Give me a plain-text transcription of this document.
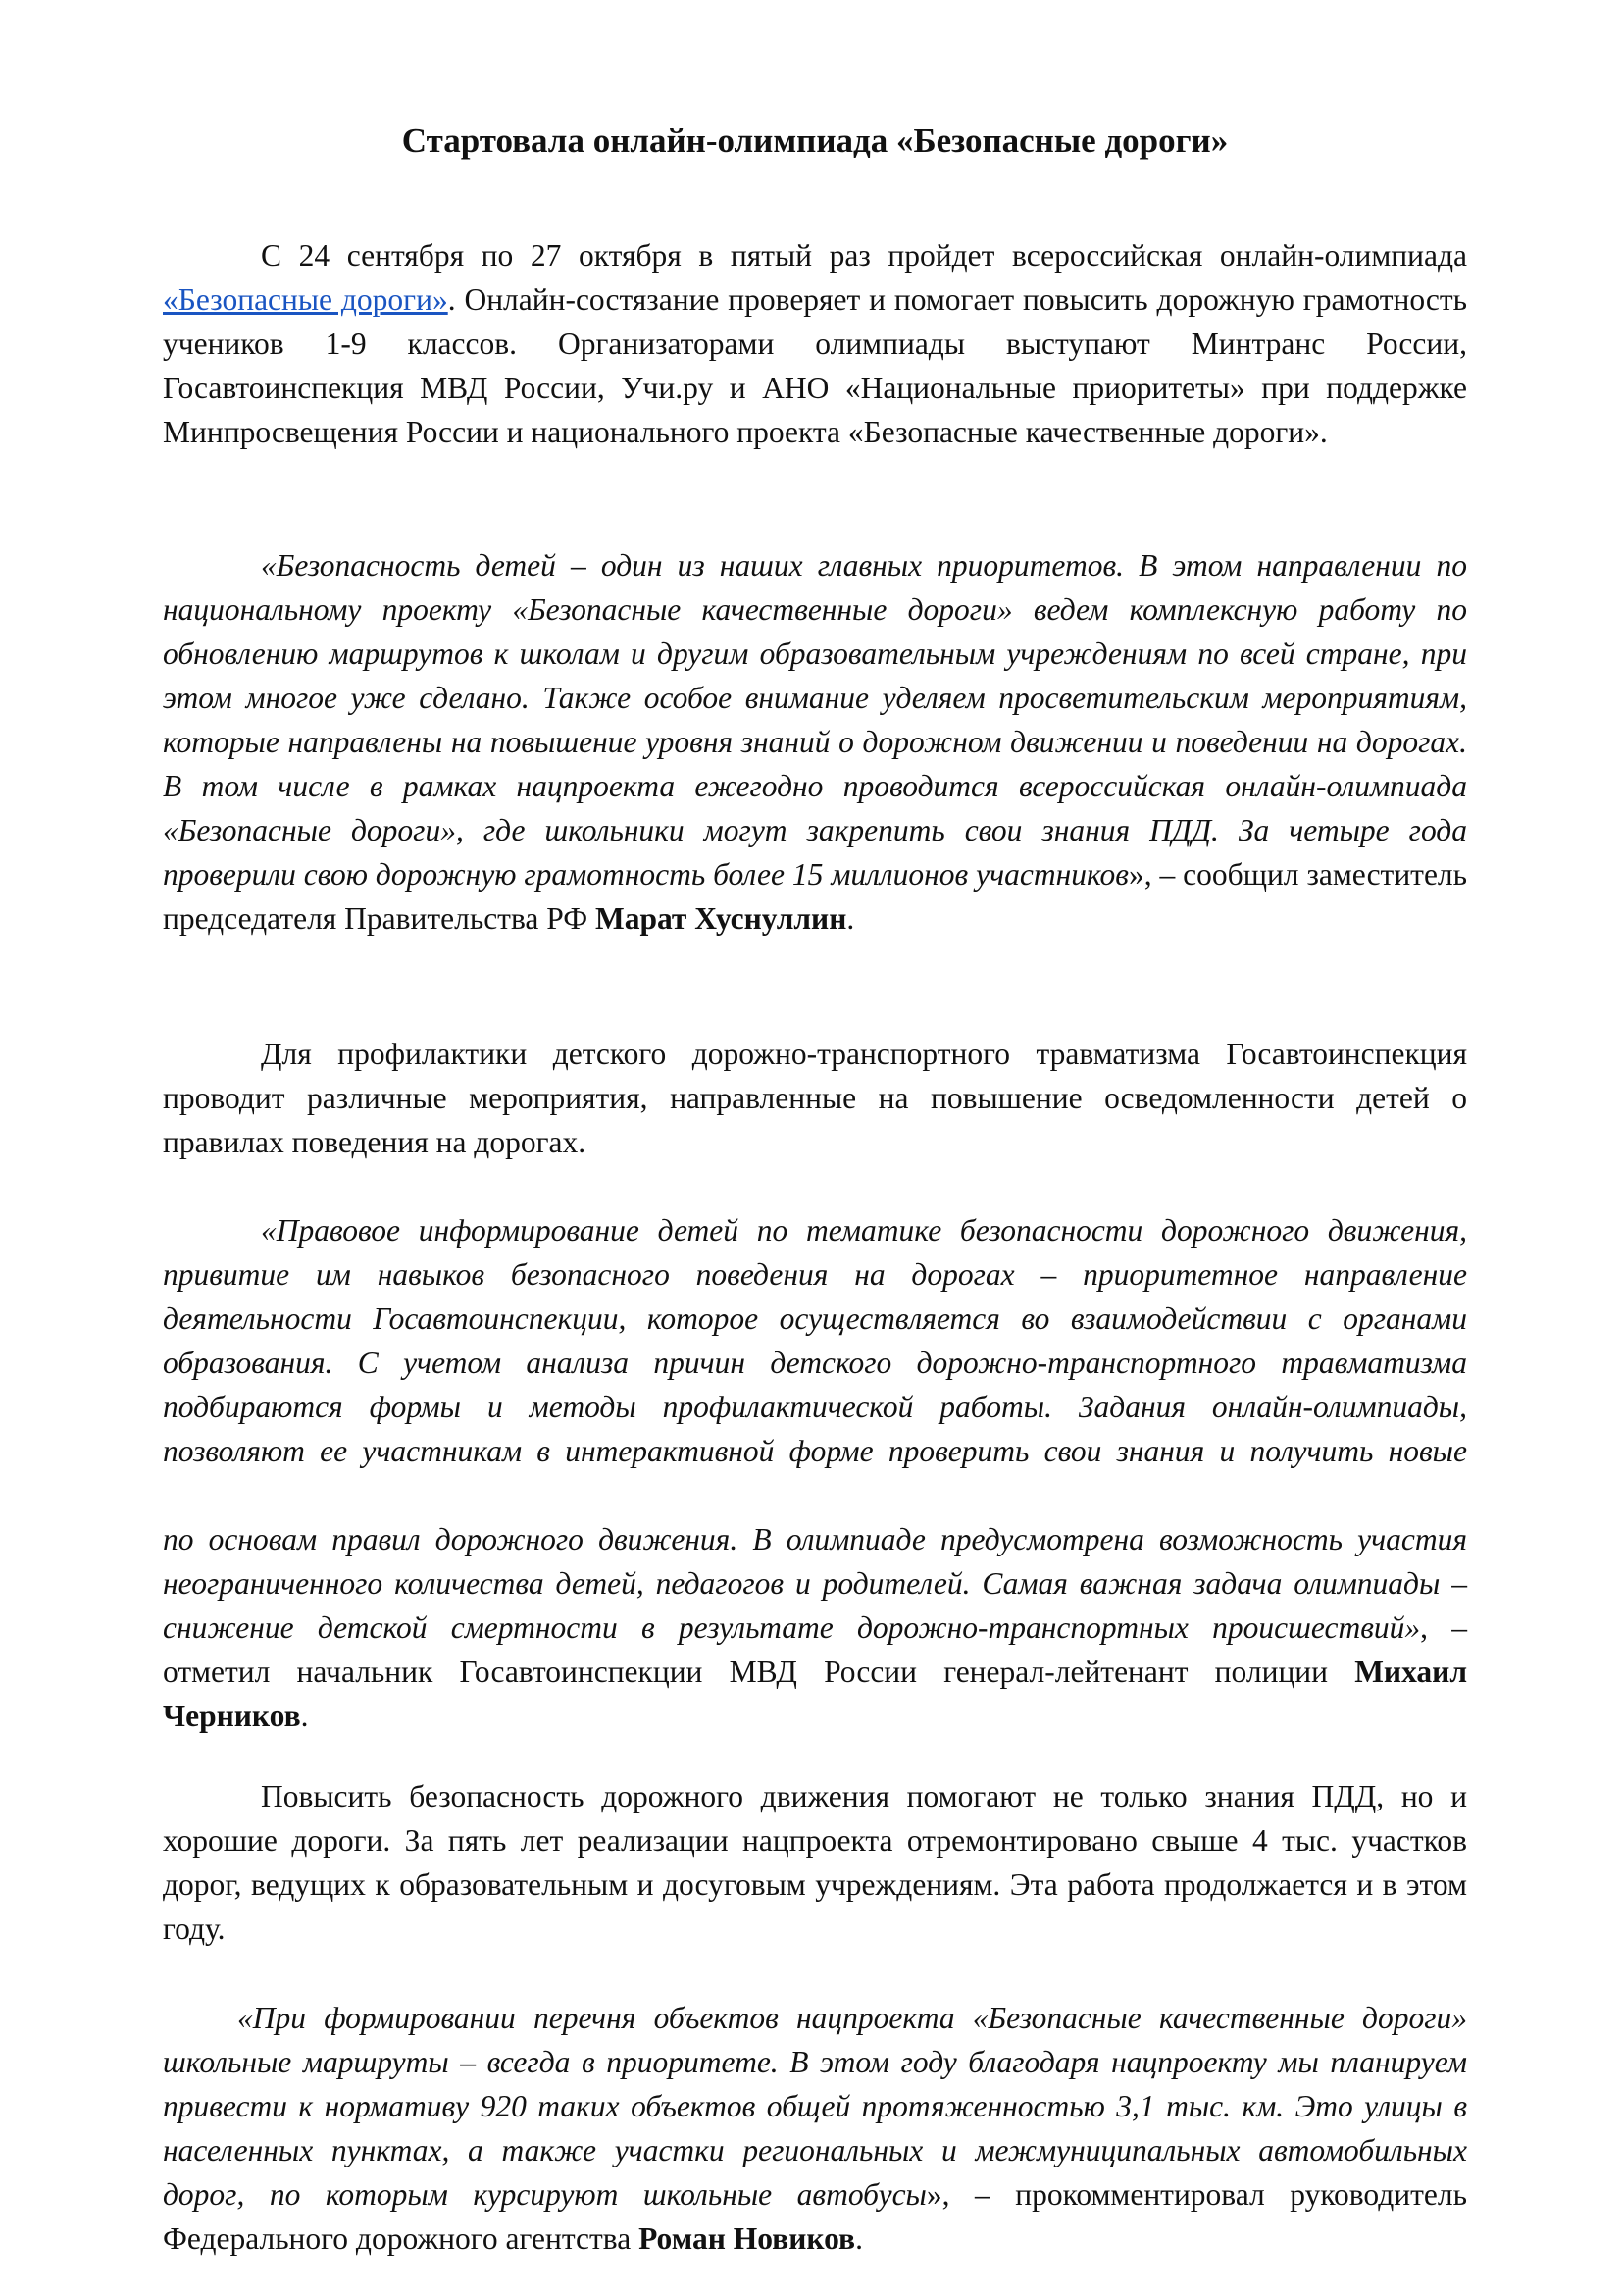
Стартовала онлайн-олимпиада «Безопасные дороги»

С 24 сентября по 27 октября в пятый раз пройдет всероссийская онлайн-олимпиада «Безопасные дороги». Онлайн-состязание проверяет и помогает повысить дорожную грамотность учеников 1-9 классов. Организаторами олимпиады выступают Минтранс России, Госавтоинспекция МВД России, Учи.ру и АНО «Национальные приоритеты» при поддержке Минпросвещения России и национального проекта «Безопасные качественные дороги».

«Безопасность детей – один из наших главных приоритетов. В этом направлении по национальному проекту «Безопасные качественные дороги» ведем комплексную работу по обновлению маршрутов к школам и другим образовательным учреждениям по всей стране, при этом многое уже сделано. Также особое внимание уделяем просветительским мероприятиям, которые направлены на повышение уровня знаний о дорожном движении и поведении на дорогах. В том числе в рамках нацпроекта ежегодно проводится всероссийская онлайн-олимпиада «Безопасные дороги», где школьники могут закрепить свои знания ПДД. За четыре года проверили свою дорожную грамотность более 15 миллионов участников», – сообщил заместитель председателя Правительства РФ Марат Хуснуллин.

Для профилактики детского дорожно-транспортного травматизма Госавтоинспекция проводит различные мероприятия, направленные на повышение осведомленности детей о правилах поведения на дорогах.

«Правовое информирование детей по тематике безопасности дорожного движения, привитие им навыков безопасного поведения на дорогах – приоритетное направление деятельности Госавтоинспекции, которое осуществляется во взаимодействии с органами образования. С учетом анализа причин детского дорожно-транспортного травматизма подбираются формы и методы профилактической работы. Задания онлайн-олимпиады, позволяют ее участникам в интерактивной форме проверить свои знания и получить новые

по основам правил дорожного движения. В олимпиаде предусмотрена возможность участия неограниченного количества детей, педагогов и родителей. Самая важная задача олимпиады – снижение детской смертности в результате дорожно-транспортных происшествий», – отметил начальник Госавтоинспекции МВД России генерал-лейтенант полиции Михаил Черников.

Повысить безопасность дорожного движения помогают не только знания ПДД, но и хорошие дороги. За пять лет реализации нацпроекта отремонтировано свыше 4 тыс. участков дорог, ведущих к образовательным и досуговым учреждениям. Эта работа продолжается и в этом году.

«При формировании перечня объектов нацпроекта «Безопасные качественные дороги» школьные маршруты – всегда в приоритете. В этом году благодаря нацпроекту мы планируем привести к нормативу 920 таких объектов общей протяженностью 3,1 тыс. км. Это улицы в населенных пунктах, а также участки региональных и межмуниципальных автомобильных дорог, по которым курсируют школьные автобусы», – прокомментировал руководитель Федерального дорожного агентства Роман Новиков.
